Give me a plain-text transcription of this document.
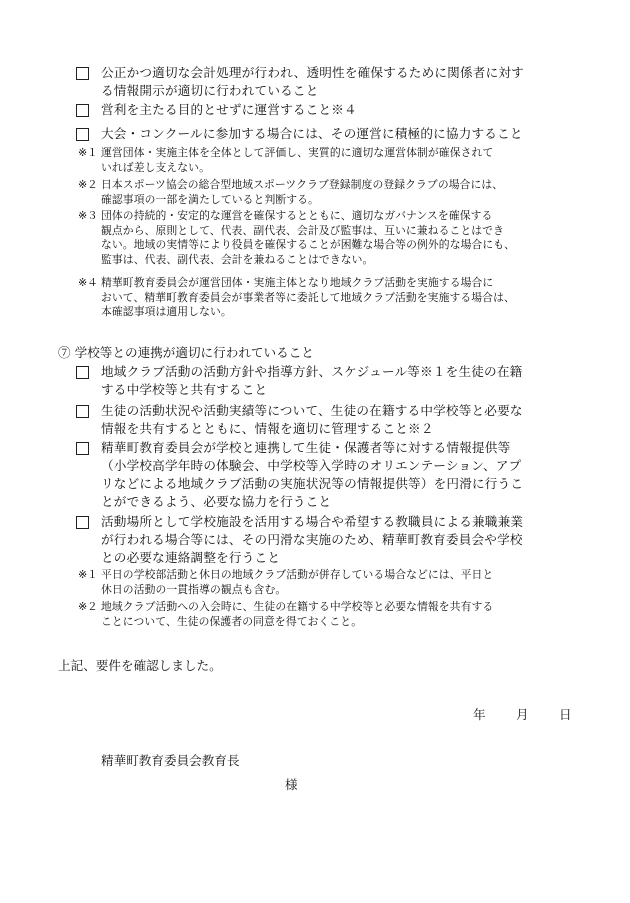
公正かつ適切な会計処理が行われ、透明性を確保するために関係者に対す
る情報開示が適切に行われていること
営利を主たる目的とせずに運営すること※４
大会・コンクールに参加する場合には、その運営に積極的に協力すること
※１ 運営団体・実施主体を全体として評価し、実質的に適切な運営体制が確保されて
いれば差し支えない。
※２ 日本スポーツ協会の総合型地域スポーツクラブ登録制度の登録クラブの場合には、
確認事項の一部を満たしていると判断する。
※３ 団体の持続的・安定的な運営を確保するとともに、適切なガバナンスを確保する
観点から、原則として、代表、副代表、会計及び監事は、互いに兼ねることはでき
ない。地域の実情等により役員を確保することが困難な場合等の例外的な場合にも、
監事は、代表、副代表、会計を兼ねることはできない。
※４ 精華町教育委員会が運営団体・実施主体となり地域クラブ活動を実施する場合に
おいて、精華町教育委員会が事業者等に委託して地域クラブ活動を実施する場合は、
本確認事項は適用しない。
⑦ 学校等との連携が適切に行われていること
地域クラブ活動の活動方針や指導方針、スケジュール等※１を生徒の在籍
する中学校等と共有すること
生徒の活動状況や活動実績等について、生徒の在籍する中学校等と必要な
情報を共有するとともに、情報を適切に管理すること※２
精華町教育委員会が学校と連携して生徒・保護者等に対する情報提供等
（小学校高学年時の体験会、中学校等入学時のオリエンテーション、アプ
リなどによる地域クラブ活動の実施状況等の情報提供等）を円滑に行うこ
とができるよう、必要な協力を行うこと
活動場所として学校施設を活用する場合や希望する教職員による兼職兼業
が行われる場合等には、その円滑な実施のため、精華町教育委員会や学校
との必要な連絡調整を行うこと
※１ 平日の学校部活動と休日の地域クラブ活動が併存している場合などには、平日と
休日の活動の一貫指導の観点も含む。
※２ 地域クラブ活動への入会時に、生徒の在籍する中学校等と必要な情報を共有する
ことについて、生徒の保護者の同意を得ておくこと。
上記、要件を確認しました。
年 月 日
精華町教育委員会教育長
様
